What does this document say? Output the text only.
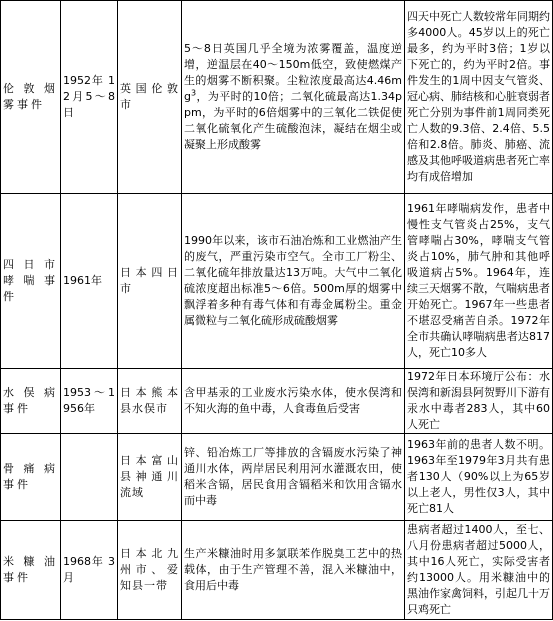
伦敦烟雾事件	1952年 12月5～8日	英国伦敦市	5～8日英国几乎全境为浓雾覆盖，温度逆增，逆温层在40～150m低空，致使燃煤产生的烟雾不断积聚。尘粒浓度最高达$4.46mg^3$，为平时的10倍；二氧化硫最高达1.34ppm，为平时的6倍烟雾中的三氧化二铁促使二氧化硫氧化产生硫酸泡沫，凝结在烟尘或凝聚上形成酸雾	四天中死亡人数较常年同期约多4000人。45岁以上的死亡最多，约为平时3倍；1岁以下死亡的，约为平时2倍。事件发生的1周中因支气管炎、冠心病、肺结核和心脏衰弱者死亡分别为事件前1周同类死亡人数的9.3倍、2.4倍、5.5倍和2.8倍。肺炎、肺癌、流感及其他呼吸道病患者死亡率均有成倍增加
四日市哮喘事件	1961年	日本四日市	1990年以来，该市石油冶炼和工业燃油产生的废气，严重污染市空气。全市工厂粉尘、二氧化硫年排放量达13万吨。大气中二氧化硫浓度超出标准5～6倍。500m厚的烟雾中飘浮着多种有毒气体和有毒金属粉尘。重金属微粒与二氧化硫形成硫酸烟雾	1961年哮喘病发作，患者中慢性支气管炎占25%，支气管哮喘占30%，哮喘支气管炎占10%，肺气肿和其他呼吸道病占5%。1964年，连续三天烟雾不散，气喘病患者开始死亡。1967年一些患者不堪忍受痛苦自杀。1972年全市共确认哮喘病患者达817人，死亡10多人
水俣病事件	1953～1956年	日本熊本县水俣市	含甲基汞的工业废水污染水体，使水俣湾和不知火海的鱼中毒，人食毒鱼后受害	1972年日本环境厅公布：水俣湾和新潟县阿贺野川下游有汞水中毒者283人，其中60人死亡
骨痛病事件		日本富山县神通川流域	锌、铅冶炼工厂等排放的含镉废水污染了神通川水体，两岸居民利用河水灌溉农田，使稻米含镉，居民食用含镉稻米和饮用含镉水而中毒	1963年前的患者人数不明。1963年至1979年3月共有患者130人（90%以上为65岁以上老人，男性仅3人，其中死亡81人
米糠油事件	1968年 3月	日本北九州市、爱知县一带	生产米糠油时用多氯联苯作脱臭工艺中的热载体，由于生产管理不善，混入米糠油中，食用后中毒	患病者超过1400人，至七、八月份患病者超过5000人，其中16人死亡，实际受害者约13000人。用米糠油中的黑油作家禽饲料，引起几十万只鸡死亡
